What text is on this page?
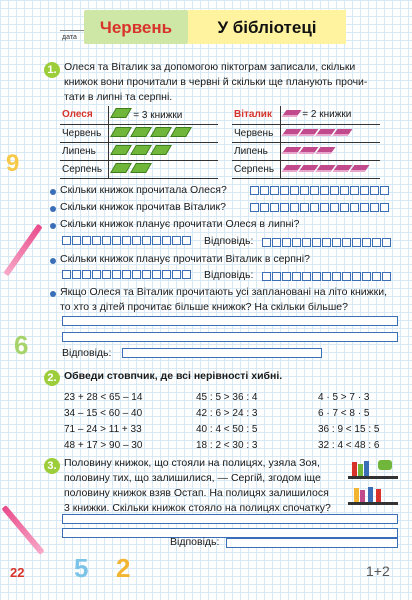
9
6
дата
Червень	У бібліотеці
1. Олеся та Віталик за допомогою піктограм записали, скільки
книжок вони прочитали в червні й скільки ще планують прочи-
тати в липні та серпні.
Олеся	= 3 книжки
Червень	
Липень	
Серпень	
Віталик	= 2 книжки
Червень	
Липень	
Серпень	
Скільки книжок прочитала Олеся?
Скільки книжок прочитав Віталик?
Скільки книжок планує прочитати Олеся в липні?
Відповідь:
Скільки книжок планує прочитати Віталик в серпні?
Відповідь:
Якщо Олеся та Віталик прочитають усі заплановані на літо книжки,
то хто з дітей прочитає більше книжок? На скільки більше?
Відповідь:
2. Обведи стовпчик, де всі нерівності хибні.
23 + 28 < 65 – 14
34 – 15 < 60 – 40
71 – 24 > 11 + 33
48 + 17 > 90 – 30
45 : 5 > 36 : 4
42 : 6 > 24 : 3
40 : 4 < 50 : 5
18 : 2 < 30 : 3
4 · 5 > 7 · 3
6 · 7 < 8 · 5
36 : 9 < 15 : 5
32 : 4 < 48 : 6
3. Половину книжок, що стояли на полицях, узяла Зоя,
половину тих, що залишилися, — Сергій, згодом іще
половину книжок взяв Остап. На полицях залишилося
3 книжки. Скільки книжок стояло на полицях спочатку?
Відповідь:
22 5 2	1+2
